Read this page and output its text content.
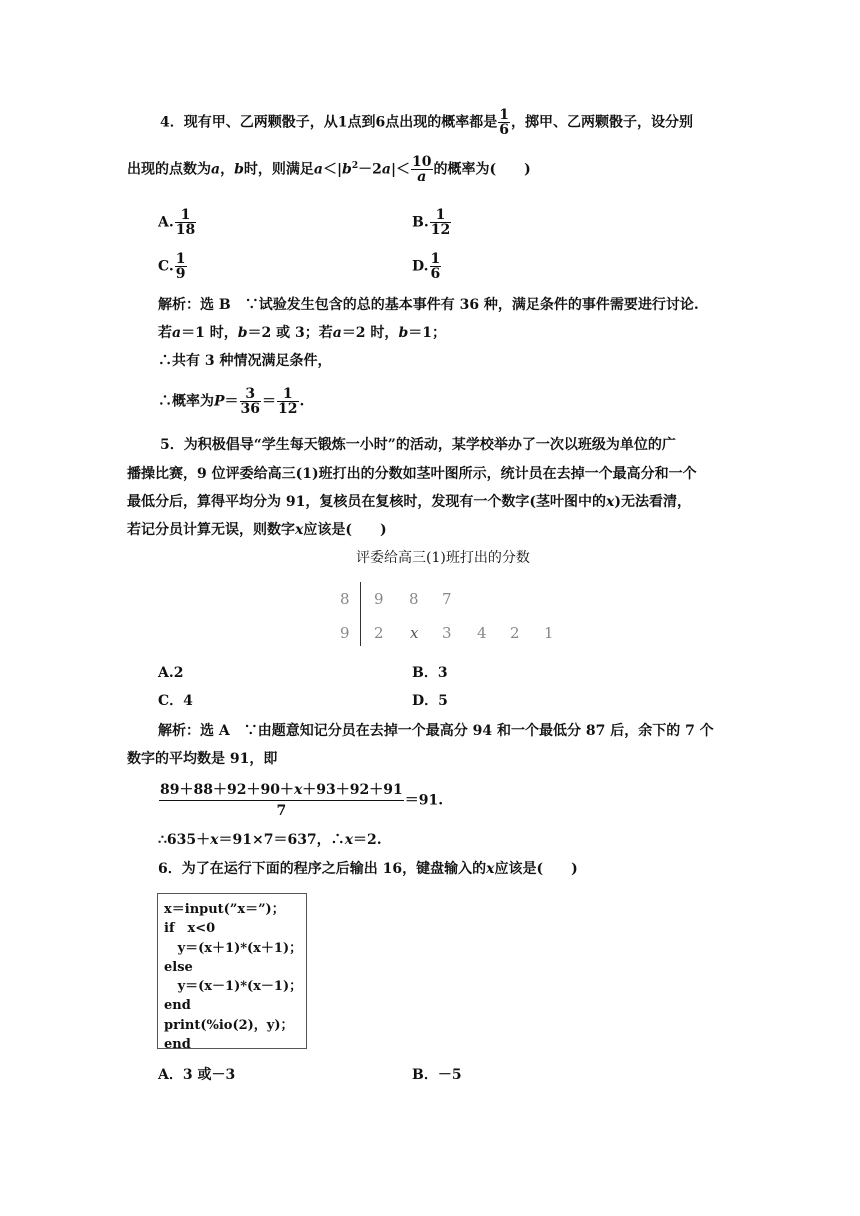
4．现有甲、乙两颗骰子，从1点到6点出现的概率都是 $\frac{1}{6}$ ，掷甲、乙两颗骰子，设分别
出现的点数为a，b时，则满足$a<|b^2-2a|< \frac{10}{a}$ 的概率为(　　)
A. $\frac{1}{18}$	B. $\frac{1}{12}$
C. $\frac{1}{9}$	D. $\frac{1}{6}$
解析：选 B　∵试验发生包含的总的基本事件有 36 种，满足条件的事件需要进行讨论.
若a＝1 时，b＝2 或 3；若a＝2 时，b＝1；
∴共有 3 种情况满足条件，
∴概率为$P= \frac{3}{36} = \frac{1}{12}$ .
5．为积极倡导“学生每天锻炼一小时”的活动，某学校举办了一次以班级为单位的广
播操比赛，9 位评委给高三(1)班打出的分数如茎叶图所示，统计员在去掉一个最高分和一个
最低分后，算得平均分为 91，复核员在复核时，发现有一个数字(茎叶图中的x)无法看清，
若记分员计算无误，则数字x应该是(　　)
评委给高三(1)班打出的分数
8 9 8 7
9 2 x 3 4 2 1
A.2	B．3
C．4	D．5
解析：选 A　∵由题意知记分员在去掉一个最高分 94 和一个最低分 87 后，余下的 7 个
数字的平均数是 91，即
$\frac{89+88+92+90+x+93+92+91}{7} =91$.
∴635＋x＝91×7＝637，∴x＝2.
6．为了在运行下面的程序之后输出 16，键盘输入的x应该是(　　)
x＝input(”x＝”)；
if　x<0
y＝(x＋1)*(x＋1)；
else
y＝(x－1)*(x－1)；
end
print(%io(2)，y)；
end
A．3 或－3	B．－5
